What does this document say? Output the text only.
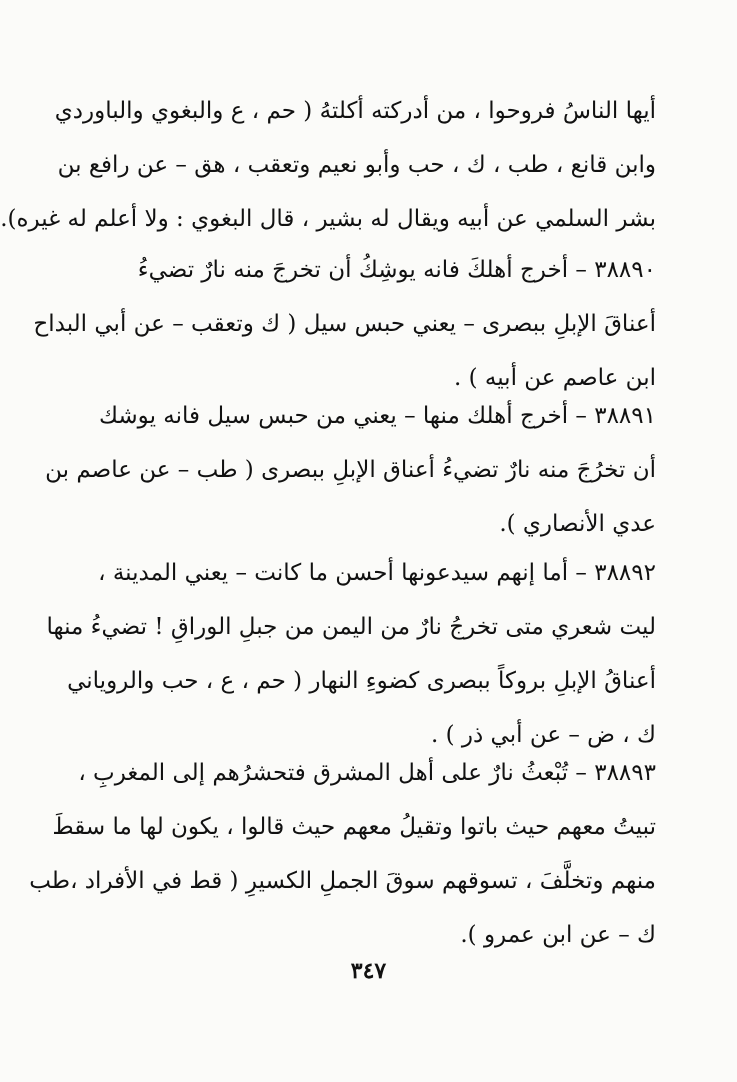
أيها الناسُ فروحوا ، من أدركته أكلتهُ ( حم ، ع والبغوي والباوردي
وابن قانع ، طب ، ك ، حب وأبو نعيم وتعقب ، هق – عن رافع بن
بشر السلمي عن أبيه ويقال له بشير ، قال البغوي : ولا أعلم له غيره).
٣٨٨٩٠ – أخرج أهلكَ فانه يوشِكُ أن تخرجَ منه نارٌ تضيءُ
أعناقَ الإبلِ ببصرى – يعني حبس سيل ( ك وتعقب – عن أبي البداح
ابن عاصم عن أبيه ) .
٣٨٨٩١ – أخرج أهلك منها – يعني من حبس سيل فانه يوشك
أن تخرُجَ منه نارٌ تضيءُ أعناق الإبلِ ببصرى ( طب – عن عاصم بن
عدي الأنصاري ).
٣٨٨٩٢ – أما إنهم سيدعونها أحسن ما كانت – يعني المدينة ،
ليت شعري متى تخرجُ نارٌ من اليمن من جبلِ الوراقِ ! تضيءُ منها
أعناقُ الإبلِ بروكاً ببصرى كضوءِ النهار ( حم ، ع ، حب والروياني
ك ، ض – عن أبي ذر ) .
٣٨٨٩٣ – تُبْعثُ نارٌ على أهل المشرق فتحشرُهم إلى المغربِ ،
تبيتُ معهم حيث باتوا وتقيلُ معهم حيث قالوا ، يكون لها ما سقطَ
منهم وتخلَّفَ ، تسوقهم سوقَ الجملِ الكسيرِ ( قط في الأفراد ،طب
ك – عن ابن عمرو ).
٣٤٧
